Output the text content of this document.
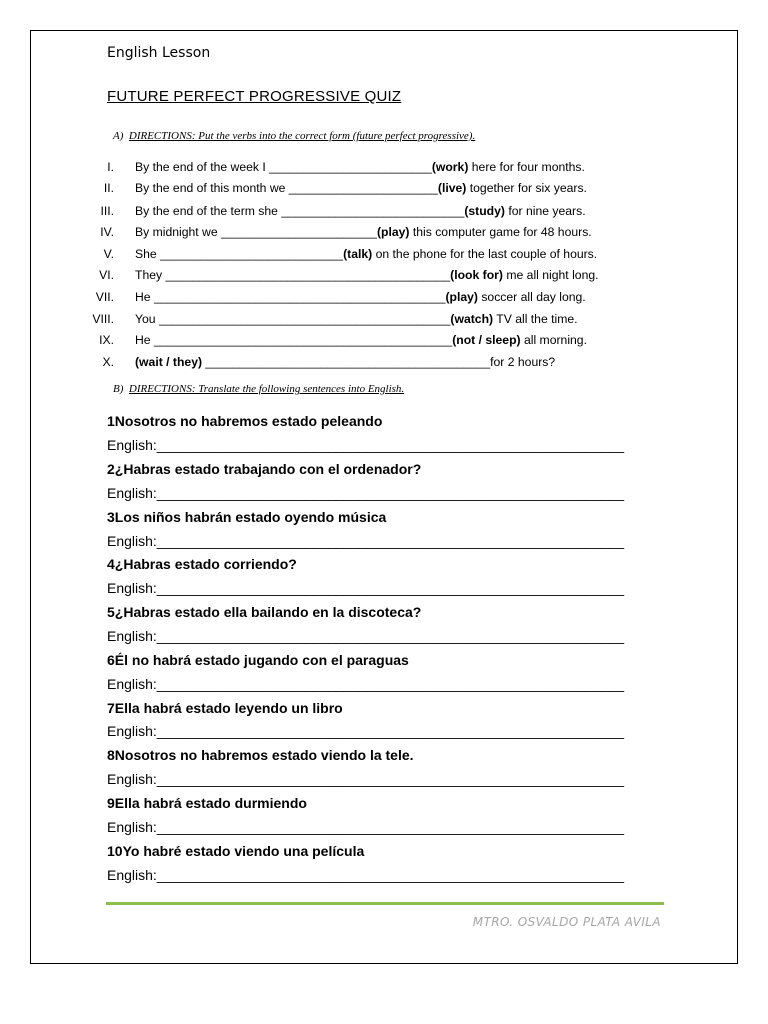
English Lesson
FUTURE PERFECT PROGRESSIVE QUIZ
A) DIRECTIONS: Put the verbs into the correct form (future perfect progressive).
I. By the end of the week I ________________________(work) here for four months.
II. By the end of this month we ______________________(live) together for six years.
III. By the end of the term she ___________________________(study) for nine years.
IV. By midnight we _______________________(play) this computer game for 48 hours.
V. She ___________________________(talk) on the phone for the last couple of hours.
VI. They __________________________________________(look for) me all night long.
VII. He ___________________________________________(play) soccer all day long.
VIII. You ___________________________________________(watch) TV all the time.
IX. He ____________________________________________(not / sleep) all morning.
X. (wait / they) __________________________________________for 2 hours?
B) DIRECTIONS: Translate the following sentences into English.
1Nosotros no habremos estado peleando
English:____________________________________________________________
2¿Habras estado trabajando con el ordenador?
English:____________________________________________________________
3Los niños habrán estado oyendo música
English:____________________________________________________________
4¿Habras estado corriendo?
English:____________________________________________________________
5¿Habras estado ella bailando en la discoteca?
English:____________________________________________________________
6Él no habrá estado jugando con el paraguas
English:____________________________________________________________
7Ella habrá estado leyendo un libro
English:____________________________________________________________
8Nosotros no habremos estado viendo la tele.
English:____________________________________________________________
9Ella habrá estado durmiendo
English:____________________________________________________________
10Yo habré estado viendo una película
English:____________________________________________________________
MTRO. OSVALDO PLATA AVILA
